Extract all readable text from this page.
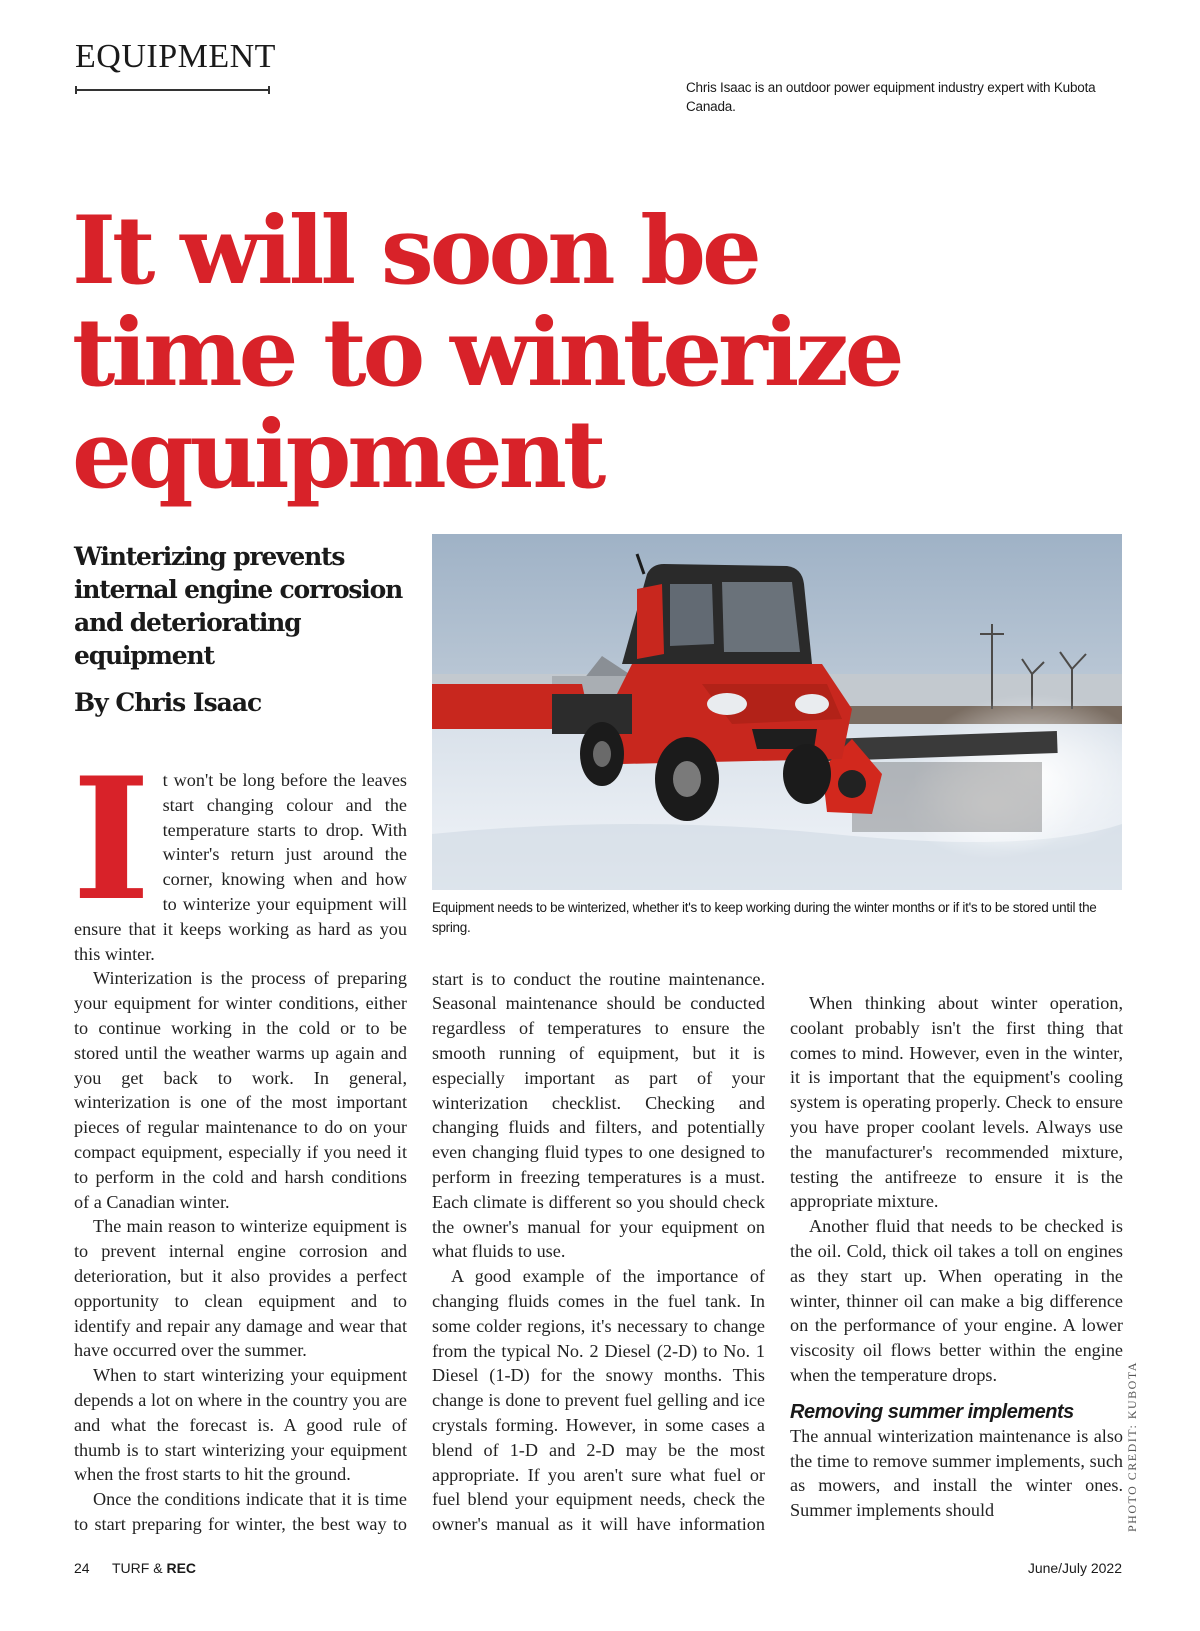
EQUIPMENT
Chris Isaac is an outdoor power equipment industry expert with Kubota Canada.
It will soon be
time to winterize
equipment
Winterizing prevents internal engine corrosion and deteriorating equipment
By Chris Isaac
Equipment needs to be winterized, whether it's to keep working during the winter months or if it's to be stored until the spring.

It won't be long before the leaves start changing colour and the temperature starts to drop. With winter's return just around the corner, knowing when and how to winterize your equipment will ensure that it keeps working as hard as you this winter.

Winterization is the process of preparing your equipment for winter conditions, either to continue working in the cold or to be stored until the weather warms up again and you get back to work. In general, winterization is one of the most important pieces of regular maintenance to do on your compact equipment, especially if you need it to perform in the cold and harsh conditions of a Canadian winter.

The main reason to winterize equipment is to prevent internal engine corrosion and deterioration, but it also provides a perfect opportunity to clean equipment and to identify and repair any damage and wear that have occurred over the summer.

When to start winterizing your equipment depends a lot on where in the country you are and what the forecast is. A good rule of thumb is to start winterizing your equipment when the frost starts to hit the ground.

Once the conditions indicate that it is time to start preparing for winter, the best way to

start is to conduct the routine maintenance. Seasonal maintenance should be conducted regardless of temperatures to ensure the smooth running of equipment, but it is especially important as part of your winterization checklist. Checking and changing fluids and filters, and potentially even changing fluid types to one designed to perform in freezing temperatures is a must. Each climate is different so you should check the owner's manual for your equipment on what fluids to use.

A good example of the importance of changing fluids comes in the fuel tank. In some colder regions, it's necessary to change from the typical No. 2 Diesel (2-D) to No. 1 Diesel (1-D) for the snowy months. This change is done to prevent fuel gelling and ice crystals forming. However, in some cases a blend of 1-D and 2-D may be the most appropriate. If you aren't sure what fuel or fuel blend your equipment needs, check the owner's manual as it will have information

When thinking about winter operation, coolant probably isn't the first thing that comes to mind. However, even in the winter, it is important that the equipment's cooling system is operating properly. Check to ensure you have proper coolant levels. Always use the manufacturer's recommended mixture, testing the antifreeze to ensure it is the appropriate mixture.

Another fluid that needs to be checked is the oil. Cold, thick oil takes a toll on engines as they start up. When operating in the winter, thinner oil can make a big difference on the performance of your engine. A lower viscosity oil flows better within the engine when the temperature drops.

Removing summer implements

The annual winterization maintenance is also the time to remove summer implements, such as mowers, and install the winter ones. Summer implements should	PHOTO CREDIT: KUBOTA
24 TURF & REC	June/July 2022
